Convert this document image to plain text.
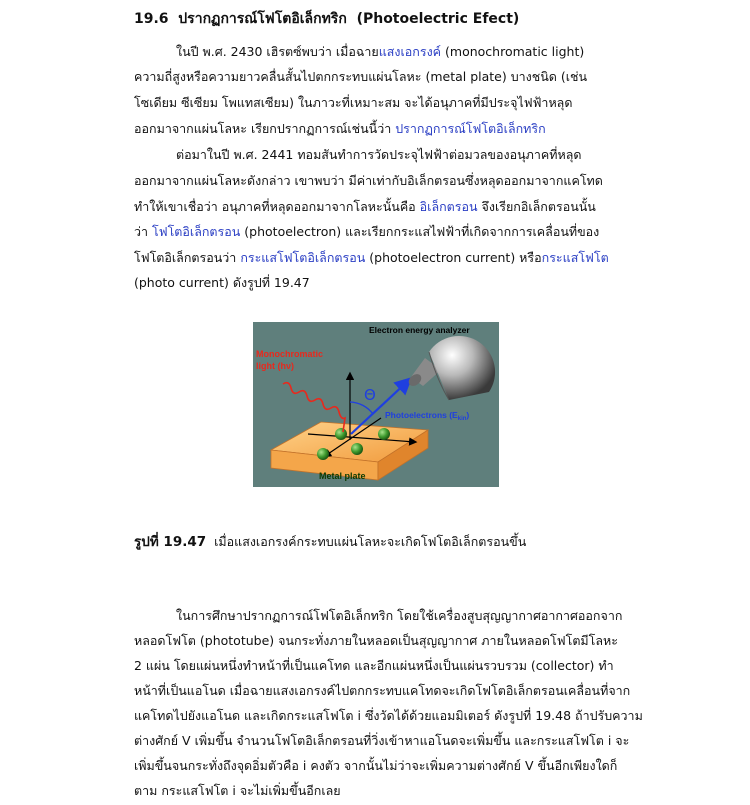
19.6 ปรากฏการณ์โฟโตอิเล็กทริก (Photoelectric Efect)
ในปี พ.ศ. 2430 เฮิรตซ์พบว่า เมื่อฉายแสงเอกรงค์ (monochromatic light)
ความถี่สูงหรือความยาวคลื่นสั้นไปตกกระทบแผ่นโลหะ (metal plate) บางชนิด (เช่น
โซเดียม ซีเซียม โพแทสเซียม) ในภาวะที่เหมาะสม จะได้อนุภาคที่มีประจุไฟฟ้าหลุด
ออกมาจากแผ่นโลหะ เรียกปรากฏการณ์เช่นนี้ว่า ปรากฏการณ์โฟโตอิเล็กทริก
ต่อมาในปี พ.ศ. 2441 ทอมสันทำการวัดประจุไฟฟ้าต่อมวลของอนุภาคที่หลุด
ออกมาจากแผ่นโลหะดังกล่าว เขาพบว่า มีค่าเท่ากับอิเล็กตรอนซึ่งหลุดออกมาจากแคโทด
ทำให้เขาเชื่อว่า อนุภาคที่หลุดออกมาจากโลหะนั้นคือ อิเล็กตรอน จึงเรียกอิเล็กตรอนนั้น
ว่า โฟโตอิเล็กตรอน (photoelectron) และเรียกกระแสไฟฟ้าที่เกิดจากการเคลื่อนที่ของ
โฟโตอิเล็กตรอนว่า กระแสโฟโตอิเล็กตรอน (photoelectron current) หรือกระแสโฟโต
(photo current) ดังรูปที่ 19.47
Metal plate
Monochromatic
light (hν)
Θ
Photoelectrons $(E_{kin})$
Electron energy analyzer
รูปที่ 19.47 เมื่อแสงเอกรงค์กระทบแผ่นโลหะจะเกิดโฟโตอิเล็กตรอนขึ้น
ในการศึกษาปรากฏการณ์โฟโตอิเล็กทริก โดยใช้เครื่องสูบสุญญากาศอากาศออกจาก
หลอดโฟโต (phototube) จนกระทั่งภายในหลอดเป็นสุญญากาศ ภายในหลอดโฟโตมีโลหะ
2 แผ่น โดยแผ่นหนึ่งทำหน้าที่เป็นแคโทด และอีกแผ่นหนึ่งเป็นแผ่นรวบรวม (collector) ทำ
หน้าที่เป็นแอโนด เมื่อฉายแสงเอกรงค์ไปตกกระทบแคโทดจะเกิดโฟโตอิเล็กตรอนเคลื่อนที่จาก
แคโทดไปยังแอโนด และเกิดกระแสโฟโต i ซึ่งวัดได้ด้วยแอมมิเตอร์ ดังรูปที่ 19.48 ถ้าปรับความ
ต่างศักย์ V เพิ่มขึ้น จำนวนโฟโตอิเล็กตรอนที่วิ่งเข้าหาแอโนดจะเพิ่มขึ้น และกระแสโฟโต i จะ
เพิ่มขึ้นจนกระทั่งถึงจุดอิ่มตัวคือ i คงตัว จากนั้นไม่ว่าจะเพิ่มความต่างศักย์ V ขึ้นอีกเพียงใดก็
ตาม กระแสโฟโต i จะไม่เพิ่มขึ้นอีกเลย
